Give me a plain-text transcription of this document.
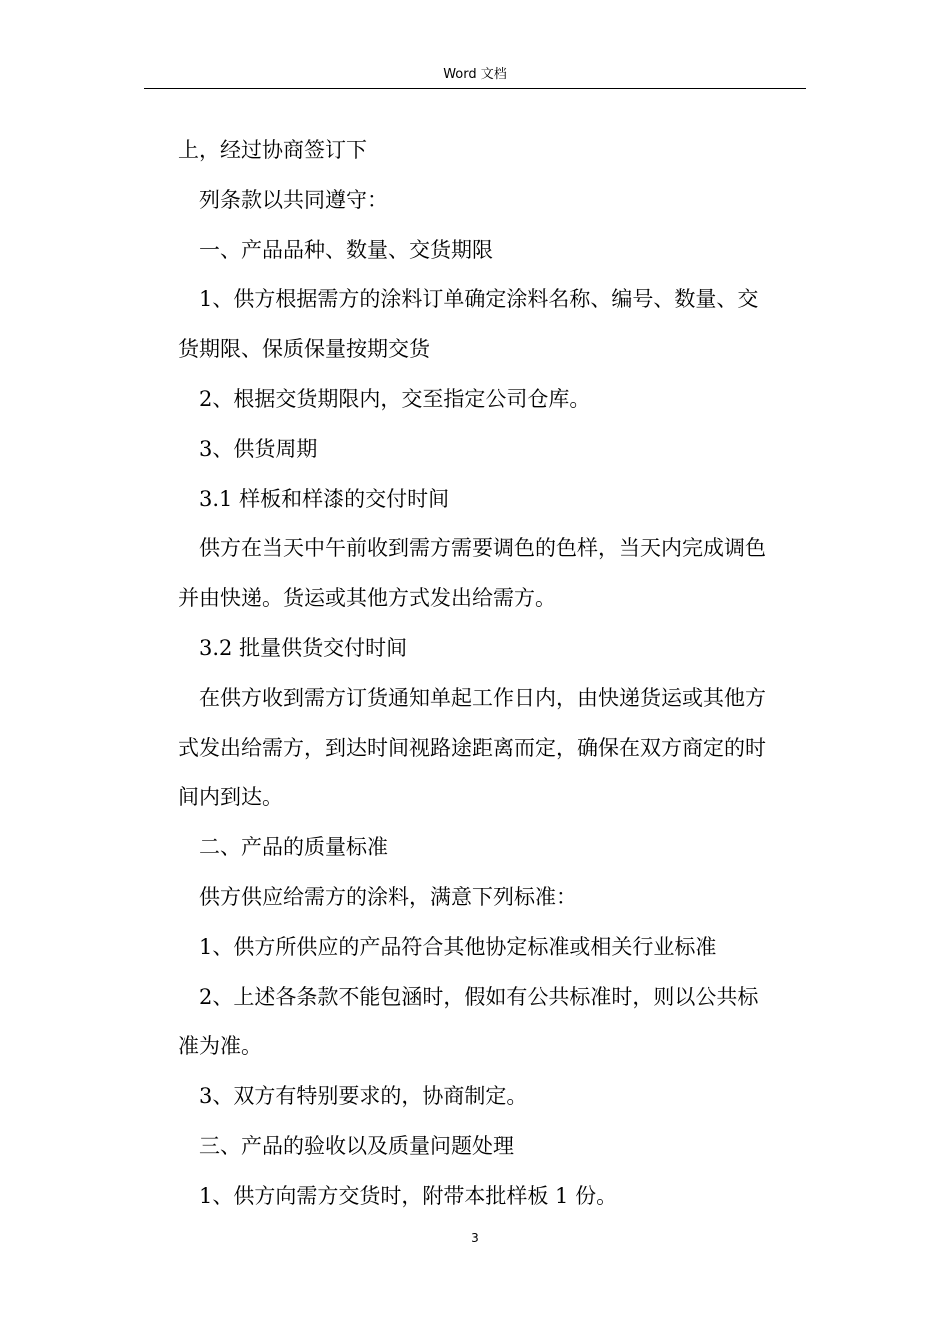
Word 文档

上，经过协商签订下

列条款以共同遵守：

一、产品品种、数量、交货期限

1、供方根据需方的涂料订单确定涂料名称、编号、数量、交

货期限、保质保量按期交货

2、根据交货期限内，交至指定公司仓库。

3、供货周期

3.1 样板和样漆的交付时间

供方在当天中午前收到需方需要调色的色样，当天内完成调色

并由快递。货运或其他方式发出给需方。

3.2 批量供货交付时间

在供方收到需方订货通知单起工作日内，由快递货运或其他方

式发出给需方，到达时间视路途距离而定，确保在双方商定的时

间内到达。

二、产品的质量标准

供方供应给需方的涂料，满意下列标准：

1、供方所供应的产品符合其他协定标准或相关行业标准

2、上述各条款不能包涵时，假如有公共标准时，则以公共标

准为准。

3、双方有特别要求的，协商制定。

三、产品的验收以及质量问题处理

1、供方向需方交货时，附带本批样板 1 份。

3
